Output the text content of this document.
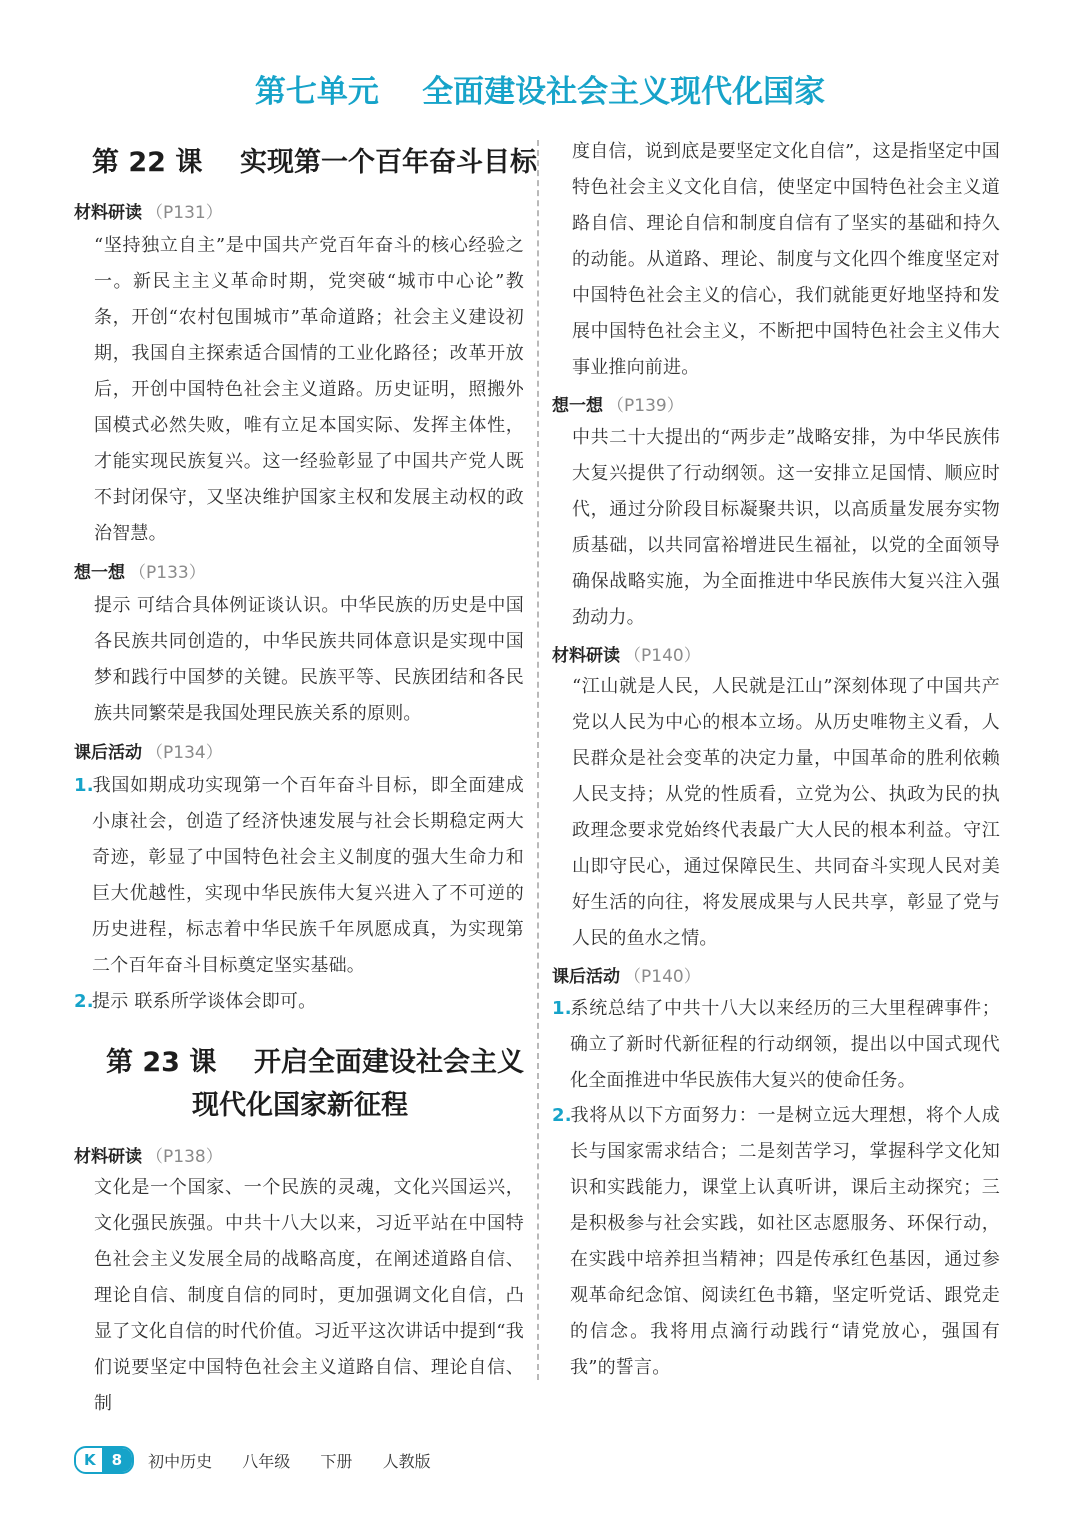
第七单元    全面建设社会主义现代化国家
第 22 课    实现第一个百年奋斗目标
材料研读 （P131）
“坚持独立自主”是中国共产党百年奋斗的核心经验之一。新民主主义革命时期，党突破“城市中心论”教条，开创“农村包围城市”革命道路；社会主义建设初期，我国自主探索适合国情的工业化路径；改革开放后，开创中国特色社会主义道路。历史证明，照搬外国模式必然失败，唯有立足本国实际、发挥主体性，才能实现民族复兴。这一经验彰显了中国共产党人既不封闭保守，又坚决维护国家主权和发展主动权的政治智慧。
想一想 （P133）
提示 可结合具体例证谈认识。中华民族的历史是中国各民族共同创造的，中华民族共同体意识是实现中国梦和践行中国梦的关键。民族平等、民族团结和各民族共同繁荣是我国处理民族关系的原则。
课后活动 （P134）
1.我国如期成功实现第一个百年奋斗目标，即全面建成小康社会，创造了经济快速发展与社会长期稳定两大奇迹，彰显了中国特色社会主义制度的强大生命力和巨大优越性，实现中华民族伟大复兴进入了不可逆的历史进程，标志着中华民族千年夙愿成真，为实现第二个百年奋斗目标奠定坚实基础。
2.提示 联系所学谈体会即可。
第 23 课    开启全面建设社会主义
现代化国家新征程
材料研读 （P138）
文化是一个国家、一个民族的灵魂，文化兴国运兴，文化强民族强。中共十八大以来，习近平站在中国特色社会主义发展全局的战略高度，在阐述道路自信、理论自信、制度自信的同时，更加强调文化自信，凸显了文化自信的时代价值。习近平这次讲话中提到“我们说要坚定中国特色社会主义道路自信、理论自信、制
度自信，说到底是要坚定文化自信”，这是指坚定中国特色社会主义文化自信，使坚定中国特色社会主义道路自信、理论自信和制度自信有了坚实的基础和持久的动能。从道路、理论、制度与文化四个维度坚定对中国特色社会主义的信心，我们就能更好地坚持和发展中国特色社会主义，不断把中国特色社会主义伟大事业推向前进。
想一想 （P139）
中共二十大提出的“两步走”战略安排，为中华民族伟大复兴提供了行动纲领。这一安排立足国情、顺应时代，通过分阶段目标凝聚共识，以高质量发展夯实物质基础，以共同富裕增进民生福祉，以党的全面领导确保战略实施，为全面推进中华民族伟大复兴注入强劲动力。
材料研读 （P140）
“江山就是人民，人民就是江山”深刻体现了中国共产党以人民为中心的根本立场。从历史唯物主义看，人民群众是社会变革的决定力量，中国革命的胜利依赖人民支持；从党的性质看，立党为公、执政为民的执政理念要求党始终代表最广大人民的根本利益。守江山即守民心，通过保障民生、共同奋斗实现人民对美好生活的向往，将发展成果与人民共享，彰显了党与人民的鱼水之情。
课后活动 （P140）
1.系统总结了中共十八大以来经历的三大里程碑事件；确立了新时代新征程的行动纲领，提出以中国式现代化全面推进中华民族伟大复兴的使命任务。
2.我将从以下方面努力：一是树立远大理想，将个人成长与国家需求结合；二是刻苦学习，掌握科学文化知识和实践能力，课堂上认真听讲，课后主动探究；三是积极参与社会实践，如社区志愿服务、环保行动，在实践中培养担当精神；四是传承红色基因，通过参观革命纪念馆、阅读红色书籍，坚定听党话、跟党走的信念。我将用点滴行动践行“请党放心，强国有我”的誓言。
K	8	初中历史  八年级  下册  人教版
